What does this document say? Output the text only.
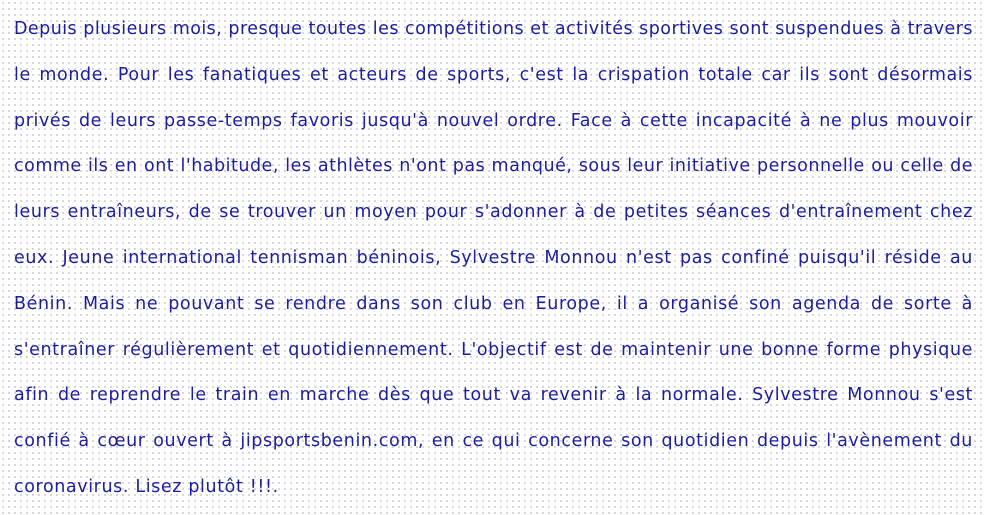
Depuis plusieurs mois, presque toutes les compétitions et activités sportives sont suspendues à travers
le monde. Pour les fanatiques et acteurs de sports, c'est la crispation totale car ils sont désormais
privés de leurs passe-temps favoris jusqu'à nouvel ordre. Face à cette incapacité à ne plus mouvoir
comme ils en ont l'habitude, les athlètes n'ont pas manqué, sous leur initiative personnelle ou celle de
leurs entraîneurs, de se trouver un moyen pour s'adonner à de petites séances d'entraînement chez
eux. Jeune international tennisman béninois, Sylvestre Monnou n'est pas confiné puisqu'il réside au
Bénin. Mais ne pouvant se rendre dans son club en Europe, il a organisé son agenda de sorte à
s'entraîner régulièrement et quotidiennement. L'objectif est de maintenir une bonne forme physique
afin de reprendre le train en marche dès que tout va revenir à la normale. Sylvestre Monnou s'est
confié à cœur ouvert à jipsportsbenin.com, en ce qui concerne son quotidien depuis l'avènement du
coronavirus. Lisez plutôt !!!.
